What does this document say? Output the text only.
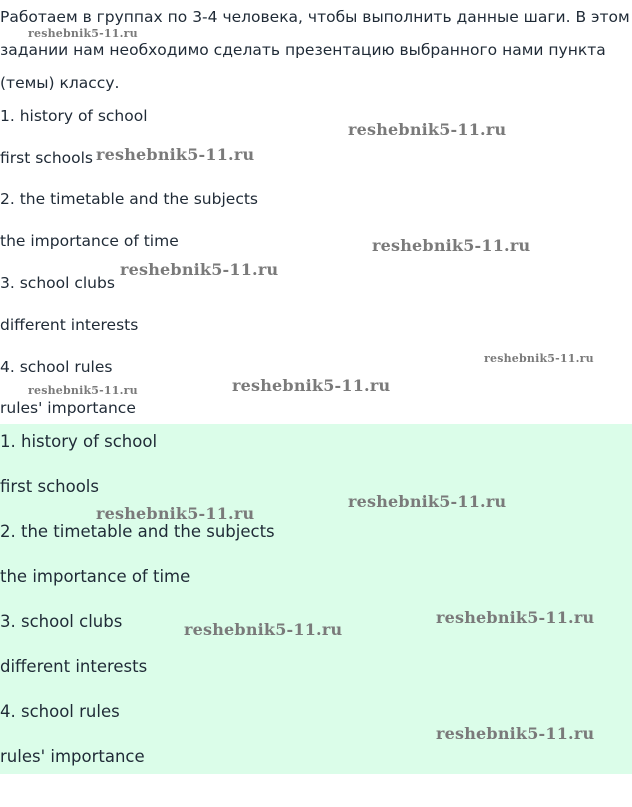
Работаем в группах по 3-4 человека, чтобы выполнить данные шаги. В этом

задании нам необходимо сделать презентацию выбранного нами пункта

(темы) классу.

1. history of school

first schools

2. the timetable and the subjects

the importance of time

3. school clubs

different interests

4. school rules

rules' importance

1. history of school

first schools

2. the timetable and the subjects

the importance of time

3. school clubs

different interests

4. school rules

rules' importance

reshebnik5-11.ru
reshebnik5-11.ru
reshebnik5-11.ru
reshebnik5-11.ru
reshebnik5-11.ru
reshebnik5-11.ru
reshebnik5-11.ru	reshebnik5-11.ru
reshebnik5-11.ru
reshebnik5-11.ru
reshebnik5-11.ru
reshebnik5-11.ru
reshebnik5-11.ru
